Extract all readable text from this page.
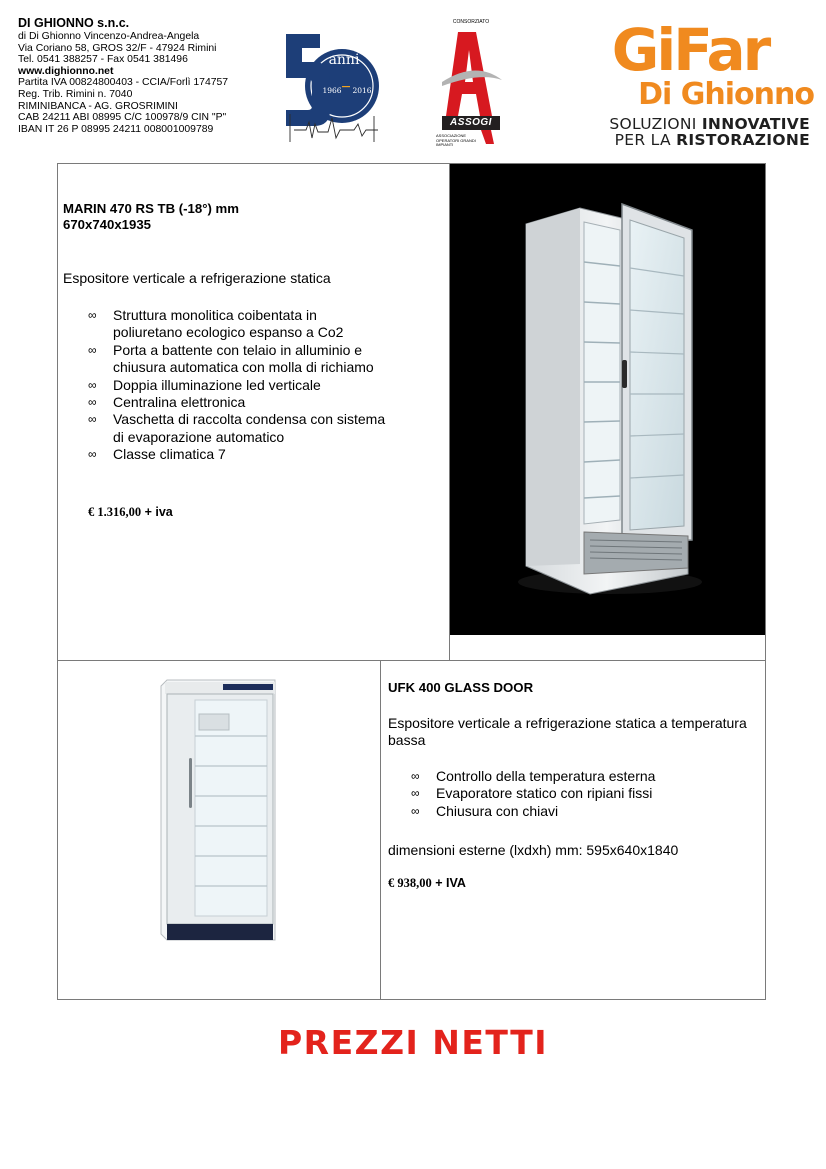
DI GHIONNO s.n.c.
di Di Ghionno Vincenzo-Andrea-Angela
Via Coriano 58, GROS 32/F - 47924 Rimini
Tel. 0541 388257 - Fax 0541 381496
www.dighionno.net
Partita IVA 00824800403 - CCIA/Forlì 174757
Reg. Trib. Rimini n. 7040
RIMINIBANCA - AG. GROSRIMINI
CAB 24211 ABI 08995 C/C 100978/9 CIN "P"
IBAN IT 26 P 08995 24211 008001009789
anni
1966 2016
CONSORZIATO
ASSOGI
ASSOCIAZIONE OPERATORI GRANDI IMPIANTI
GiFar
Di Ghionno
SOLUZIONI INNOVATIVE
PER LA RISTORAZIONE
MARIN 470 RS TB (-18°) mm
670x740x1935
Espositore verticale a refrigerazione statica
∞ Struttura monolitica coibentata in poliuretano ecologico espanso a Co2
∞ Porta a battente con telaio in alluminio e chiusura automatica con molla di richiamo
∞ Doppia illuminazione led verticale
∞ Centralina elettronica
∞ Vaschetta di raccolta condensa con sistema di evaporazione automatico
∞ Classe climatica 7
€ 1.316,00 + iva
UFK 400 GLASS DOOR
Espositore verticale a refrigerazione statica a temperatura bassa
∞ Controllo della temperatura esterna
∞ Evaporatore statico con ripiani fissi
∞ Chiusura con chiavi
dimensioni esterne (lxdxh) mm: 595x640x1840
€ 938,00 + IVA
PREZZI NETTI
